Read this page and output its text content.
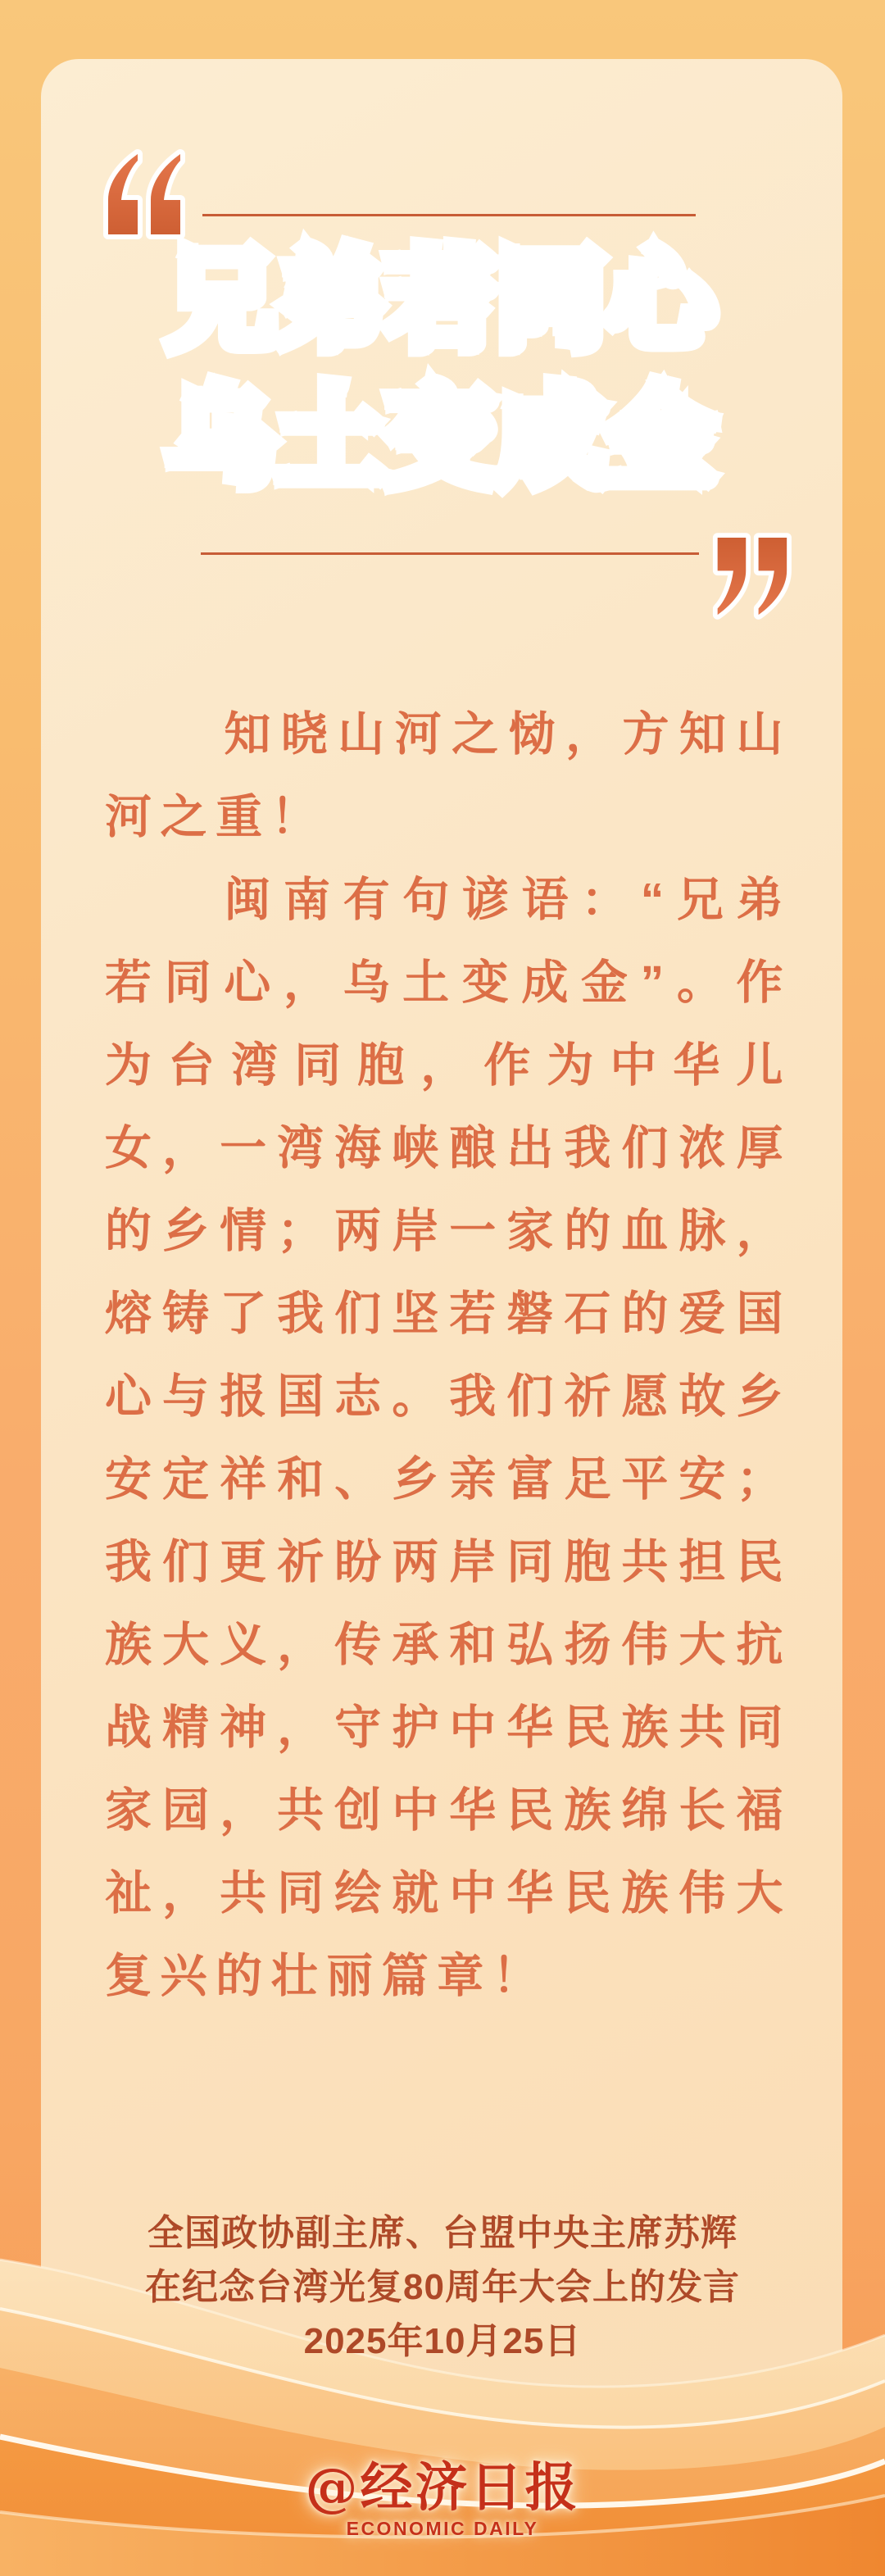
兄弟若同心 兄弟若同心
乌土变成金 乌土变成金

知晓山河之恸，方知山河之重！

闽南有句谚语：“兄弟若同心，乌土变成金”。作为台湾同胞，作为中华儿女，一湾海峡酿出我们浓厚的乡情；两岸一家的血脉，熔铸了我们坚若磐石的爱国心与报国志。我们祈愿故乡安定祥和、乡亲富足平安；我们更祈盼两岸同胞共担民族大义，传承和弘扬伟大抗战精神，守护中华民族共同家园，共创中华民族绵长福祉，共同绘就中华民族伟大复兴的壮丽篇章！

全国政协副主席、台盟中央主席苏辉
在纪念台湾光复80周年大会上的发言
2025年10月25日
@经济日报
ECONOMIC DAILY
